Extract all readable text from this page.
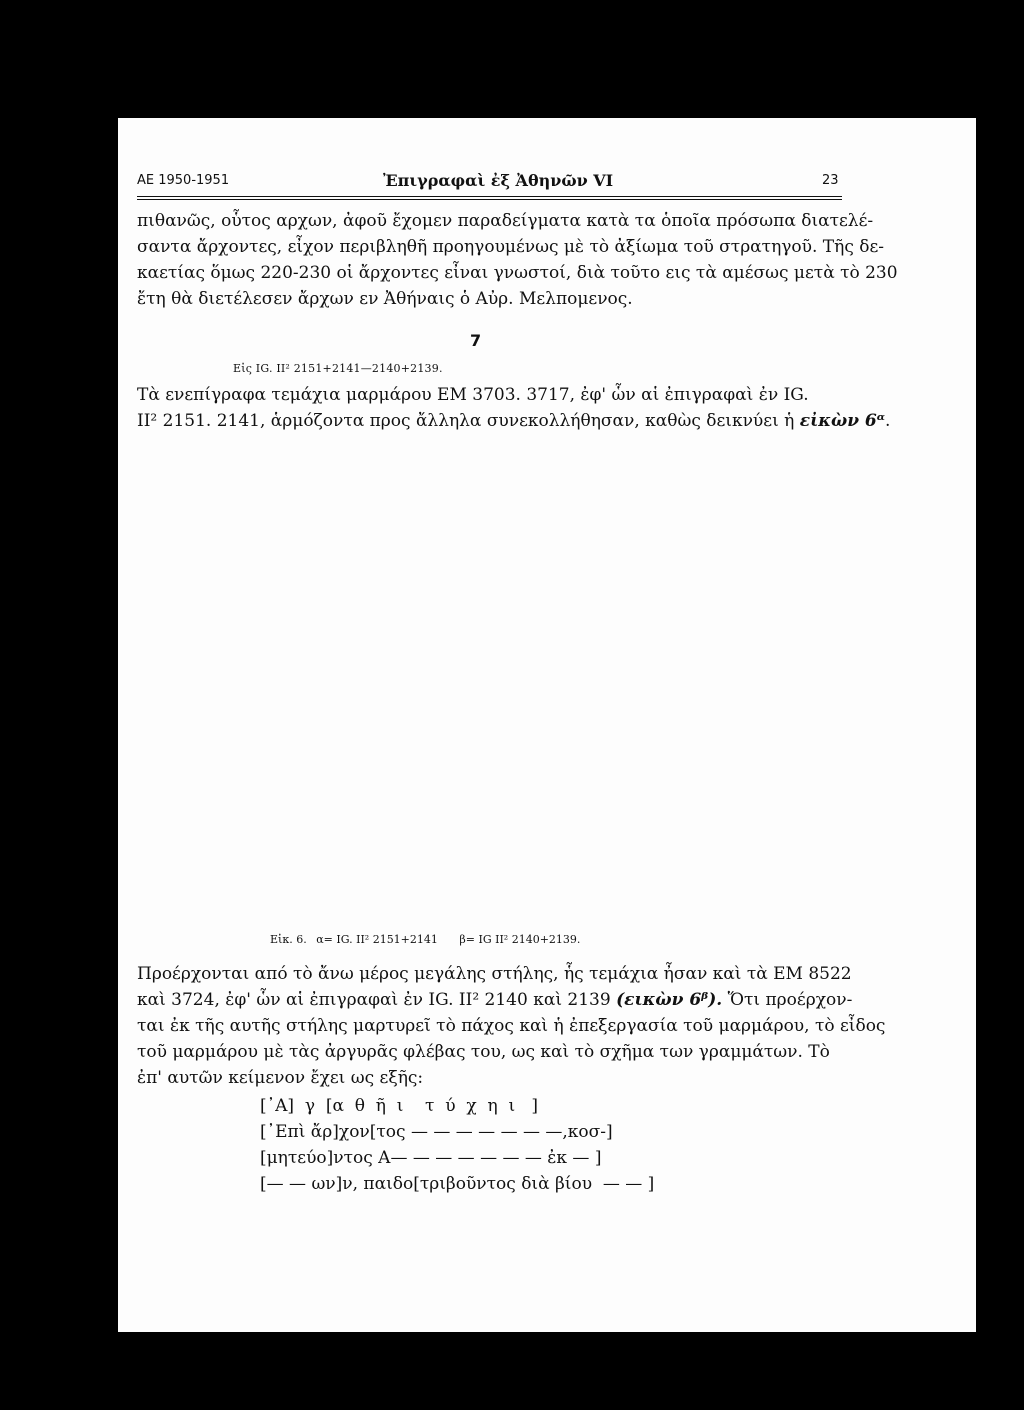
ΑΕ 1950-1951	Ἐπιγραφαὶ ἐξ Ἀθηνῶν VI	23
πιθανῶς, οὗτος αρχων, ἀφοῦ ἔχομεν παραδείγματα κατὰ τα ὁποῖα πρόσωπα διατελέ-
σαντα ἄρχοντες, εἶχον περιβληθῆ προηγουμένως μὲ τὸ ἀξίωμα τοῦ στρατηγοῦ. Τῆς δε-
καετίας ὅμως 220-230 οἱ ἄρχοντες εἶναι γνωστοί, διὰ τοῦτο εις τὰ αμέσως μετὰ τὸ 230
ἔτη θὰ διετέλεσεν ἄρχων εν Ἀθήναις ὁ Αὐρ. Μελπομενος.
7
Εἰς IG. II² 2151+2141—2140+2139.
Τὰ ενεπίγραφα τεμάχια μαρμάρου ΕΜ 3703. 3717, ἐφ' ὧν αἱ ἐπιγραφαὶ ἐν IG.
II² 2151. 2141, ἁρμόζοντα προς ἄλληλα συνεκολλήθησαν, καθὼς δεικνύει ἡ εἰκὼν 6ᵅ.
Εἰκ. 6. α= IG. II² 2151+2141 β= IG II² 2140+2139.
Προέρχονται από τὸ ἄνω μέρος μεγάλης στήλης, ἧς τεμάχια ἦσαν καὶ τὰ ΕΜ 8522
καὶ 3724, ἐφ' ὧν αἱ ἐπιγραφαὶ ἐν IG. II² 2140 καὶ 2139 (εικὼν 6ᵝ). Ὅτι προέρχον-
ται ἐκ τῆς αυτῆς στήλης μαρτυρεῖ τὸ πάχος καὶ ἡ ἐπεξεργασία τοῦ μαρμάρου, τὸ εἶδος
τοῦ μαρμάρου μὲ τὰς ἀργυρᾶς φλέβας του, ως καὶ τὸ σχῆμα των γραμμάτων. Τὸ
ἐπ' αυτῶν κείμενον ἔχει ως εξῆς:
[᾽Α]  γ  [α  θ  ῆ  ι    τ  ύ  χ  η  ι   ]
[᾽Επὶ ἄρ]χον[τος — — — — — — —,κοσ-]
[μητεύο]ντος Α— — — — — — — ἐκ — ]
[— — ων]ν, παιδο[τριβοῦντος διὰ βίου  — — ]
